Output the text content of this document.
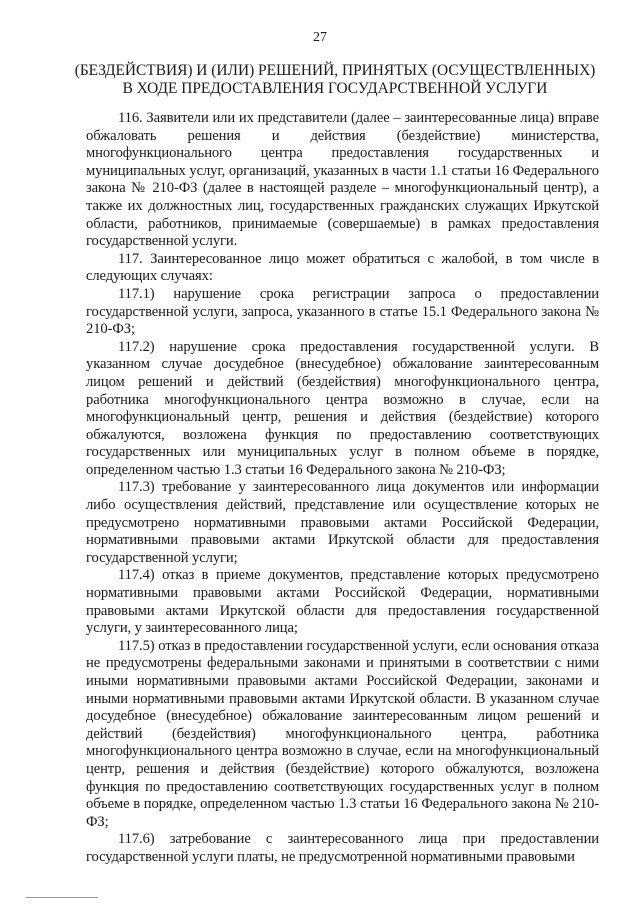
27
(БЕЗДЕЙСТВИЯ) И (ИЛИ) РЕШЕНИЙ, ПРИНЯТЫХ (ОСУЩЕСТВЛЕННЫХ)
В ХОДЕ ПРЕДОСТАВЛЕНИЯ ГОСУДАРСТВЕННОЙ УСЛУГИ

116. Заявители или их представители (далее – заинтересованные лица) вправе обжаловать решения и действия (бездействие) министерства, многофункционального центра предоставления государственных и муниципальных услуг, организаций, указанных в части 1.1 статьи 16 Федерального закона № 210-ФЗ (далее в настоящей разделе – многофункциональный центр), а также их должностных лиц, государственных гражданских служащих Иркутской области, работников, принимаемые (совершаемые) в рамках предоставления государственной услуги.

117. Заинтересованное лицо может обратиться с жалобой, в том числе в следующих случаях:

117.1) нарушение срока регистрации запроса о предоставлении государственной услуги, запроса, указанного в статье 15.1 Федерального закона № 210-ФЗ;

117.2) нарушение срока предоставления государственной услуги. В указанном случае досудебное (внесудебное) обжалование заинтересованным лицом решений и действий (бездействия) многофункционального центра, работника многофункционального центра возможно в случае, если на многофункциональный центр, решения и действия (бездействие) которого обжалуются, возложена функция по предоставлению соответствующих государственных или муниципальных услуг в полном объеме в порядке, определенном частью 1.3 статьи 16 Федерального закона № 210-ФЗ;

117.3) требование у заинтересованного лица документов или информации либо осуществления действий, представление или осуществление которых не предусмотрено нормативными правовыми актами Российской Федерации, нормативными правовыми актами Иркутской области для предоставления государственной услуги;

117.4) отказ в приеме документов, представление которых предусмотрено нормативными правовыми актами Российской Федерации, нормативными правовыми актами Иркутской области для предоставления государственной услуги, у заинтересованного лица;

117.5) отказ в предоставлении государственной услуги, если основания отказа не предусмотрены федеральными законами и принятыми в соответствии с ними иными нормативными правовыми актами Российской Федерации, законами и иными нормативными правовыми актами Иркутской области. В указанном случае досудебное (внесудебное) обжалование заинтересованным лицом решений и действий (бездействия) многофункционального центра, работника многофункционального центра возможно в случае, если на многофункциональный центр, решения и действия (бездействие) которого обжалуются, возложена функция по предоставлению соответствующих государственных услуг в полном объеме в порядке, определенном частью 1.3 статьи 16 Федерального закона № 210-ФЗ;

117.6) затребование с заинтересованного лица при предоставлении государственной услуги платы, не предусмотренной нормативными правовыми
